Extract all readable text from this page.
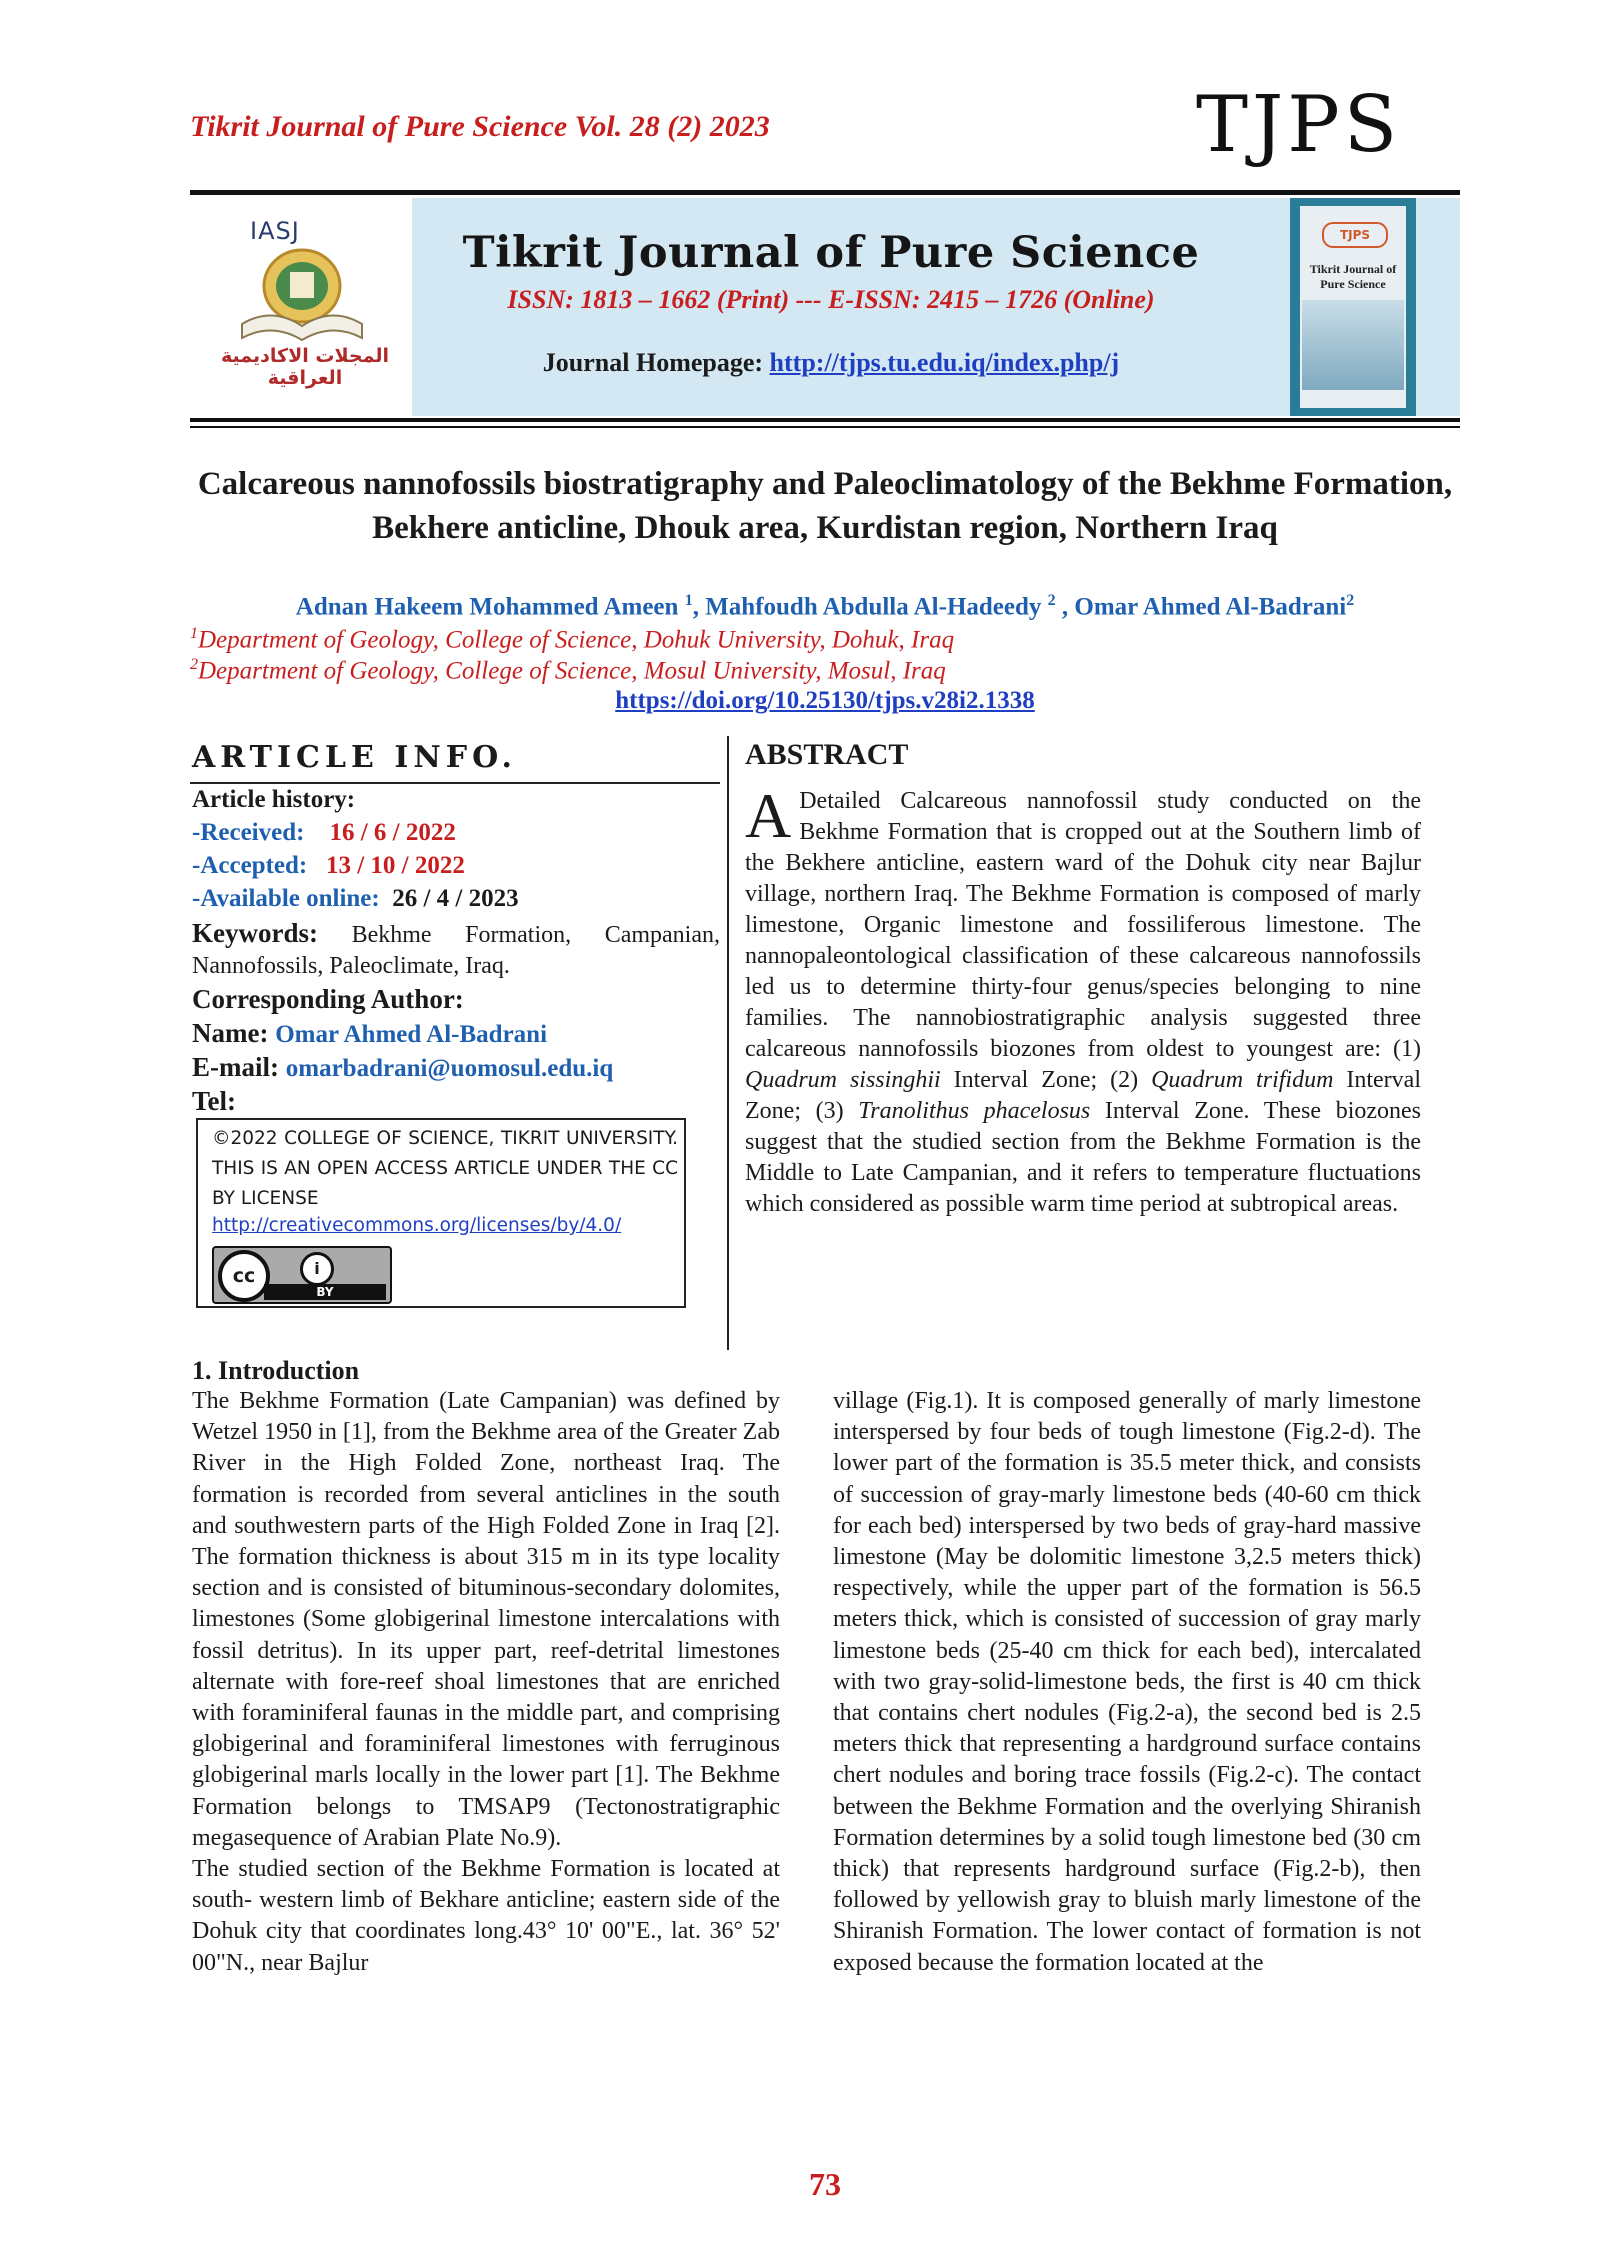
Tikrit Journal of Pure Science Vol. 28 (2) 2023	TJPS
IASJ
المجلات الاكاديمية العراقية
Tikrit Journal of Pure Science
ISSN: 1813 – 1662 (Print) --- E-ISSN: 2415 – 1726 (Online)
Journal Homepage: http://tjps.tu.edu.iq/index.php/j
TJPS
Tikrit Journal of Pure Science
Calcareous nannofossils biostratigraphy and Paleoclimatology of the Bekhme Formation, Bekhere anticline, Dhouk area, Kurdistan region, Northern Iraq
Adnan Hakeem Mohammed Ameen $^1$, Mahfoudh Abdulla Al-Hadeedy $^2$ , Omar Ahmed Al-Badrani$^2$
$^1$Department of Geology, College of Science, Dohuk University, Dohuk, Iraq
$^2$Department of Geology, College of Science, Mosul University, Mosul, Iraq
https://doi.org/10.25130/tjps.v28i2.1338
ARTICLE INFO.
Article history:
-Received: 16 / 6 / 2022
-Accepted: 13 / 10 / 2022
-Available online: 26 / 4 / 2023
Keywords: Bekhme Formation, Campanian, Nannofossils, Paleoclimate, Iraq.
Corresponding Author:
Name: Omar Ahmed Al-Badrani
E-mail: omarbadrani@uomosul.edu.iq
Tel:
©2022 COLLEGE OF SCIENCE, TIKRIT UNIVERSITY. THIS IS AN OPEN ACCESS ARTICLE UNDER THE CC BY LICENSE
http://creativecommons.org/licenses/by/4.0/
cc	i
BY
ABSTRACT
A Detailed Calcareous nannofossil study conducted on the Bekhme Formation that is cropped out at the Southern limb of the Bekhere anticline, eastern ward of the Dohuk city near Bajlur village, northern Iraq. The Bekhme Formation is composed of marly limestone, Organic limestone and fossiliferous limestone. The nannopaleontological classification of these calcareous nannofossils led us to determine thirty-four genus/species belonging to nine families. The nannobiostratigraphic analysis suggested three calcareous nannofossils biozones from oldest to youngest are: (1) Quadrum sissinghii Interval Zone; (2) Quadrum trifidum Interval Zone; (3) Tranolithus phacelosus Interval Zone. These biozones suggest that the studied section from the Bekhme Formation is the Middle to Late Campanian, and it refers to temperature fluctuations which considered as possible warm time period at subtropical areas.
1. Introduction

The Bekhme Formation (Late Campanian) was defined by Wetzel 1950 in [1], from the Bekhme area of the Greater Zab River in the High Folded Zone, northeast Iraq. The formation is recorded from several anticlines in the south and southwestern parts of the High Folded Zone in Iraq [2]. The formation thickness is about 315 m in its type locality section and is consisted of bituminous-secondary dolomites, limestones (Some globigerinal limestone intercalations with fossil detritus). In its upper part, reef-detrital limestones alternate with fore-reef shoal limestones that are enriched with foraminiferal faunas in the middle part, and comprising globigerinal and foraminiferal limestones with ferruginous globigerinal marls locally in the lower part [1]. The Bekhme Formation belongs to TMSAP9 (Tectonostratigraphic megasequence of Arabian Plate No.9).

The studied section of the Bekhme Formation is located at south- western limb of Bekhare anticline; eastern side of the Dohuk city that coordinates long.43° 10' 00"E., lat. 36° 52' 00"N., near Bajlur

village (Fig.1). It is composed generally of marly limestone interspersed by four beds of tough limestone (Fig.2-d). The lower part of the formation is 35.5 meter thick, and consists of succession of gray-marly limestone beds (40-60 cm thick for each bed) interspersed by two beds of gray-hard massive limestone (May be dolomitic limestone 3,2.5 meters thick) respectively, while the upper part of the formation is 56.5 meters thick, which is consisted of succession of gray marly limestone beds (25-40 cm thick for each bed), intercalated with two gray-solid-limestone beds, the first is 40 cm thick that contains chert nodules (Fig.2-a), the second bed is 2.5 meters thick that representing a hardground surface contains chert nodules and boring trace fossils (Fig.2-c). The contact between the Bekhme Formation and the overlying Shiranish Formation determines by a solid tough limestone bed (30 cm thick) that represents hardground surface (Fig.2-b), then followed by yellowish gray to bluish marly limestone of the Shiranish Formation. The lower contact of formation is not exposed because the formation located at the

73
